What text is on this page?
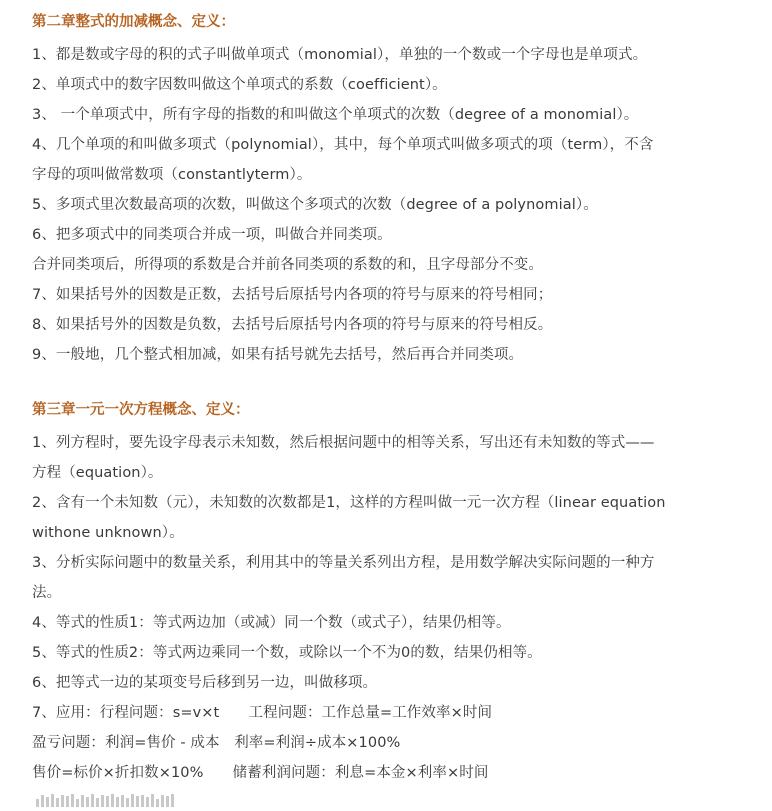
第二章整式的加减概念、定义：
1、都是数或字母的积的式子叫做单项式（monomial），单独的一个数或一个字母也是单项式。
2、单项式中的数字因数叫做这个单项式的系数（coefficient）。
3、 一个单项式中，所有字母的指数的和叫做这个单项式的次数（degree of a monomial）。
4、几个单项的和叫做多项式（polynomial），其中，每个单项式叫做多项式的项（term），不含
字母的项叫做常数项（constantlyterm）。
5、多项式里次数最高项的次数，叫做这个多项式的次数（degree of a polynomial）。
6、把多项式中的同类项合并成一项，叫做合并同类项。
合并同类项后，所得项的系数是合并前各同类项的系数的和，且字母部分不变。
7、如果括号外的因数是正数，去括号后原括号内各项的符号与原来的符号相同；
8、如果括号外的因数是负数，去括号后原括号内各项的符号与原来的符号相反。
9、一般地，几个整式相加减，如果有括号就先去括号，然后再合并同类项。
第三章一元一次方程概念、定义：
1、列方程时，要先设字母表示未知数，然后根据问题中的相等关系，写出还有未知数的等式——
方程（equation）。
2、含有一个未知数（元），未知数的次数都是1，这样的方程叫做一元一次方程（linear equation
withone unknown）。
3、分析实际问题中的数量关系，利用其中的等量关系列出方程，是用数学解决实际问题的一种方
法。
4、等式的性质1：等式两边加（或减）同一个数（或式子），结果仍相等。
5、等式的性质2：等式两边乘同一个数，或除以一个不为0的数，结果仍相等。
6、把等式一边的某项变号后移到另一边，叫做移项。
7、应用：行程问题：s=v×t　　工程问题：工作总量=工作效率×时间
盈亏问题：利润=售价 - 成本　利率=利润÷成本×100%
售价=标价×折扣数×10%　　储蓄利润问题：利息=本金×利率×时间
